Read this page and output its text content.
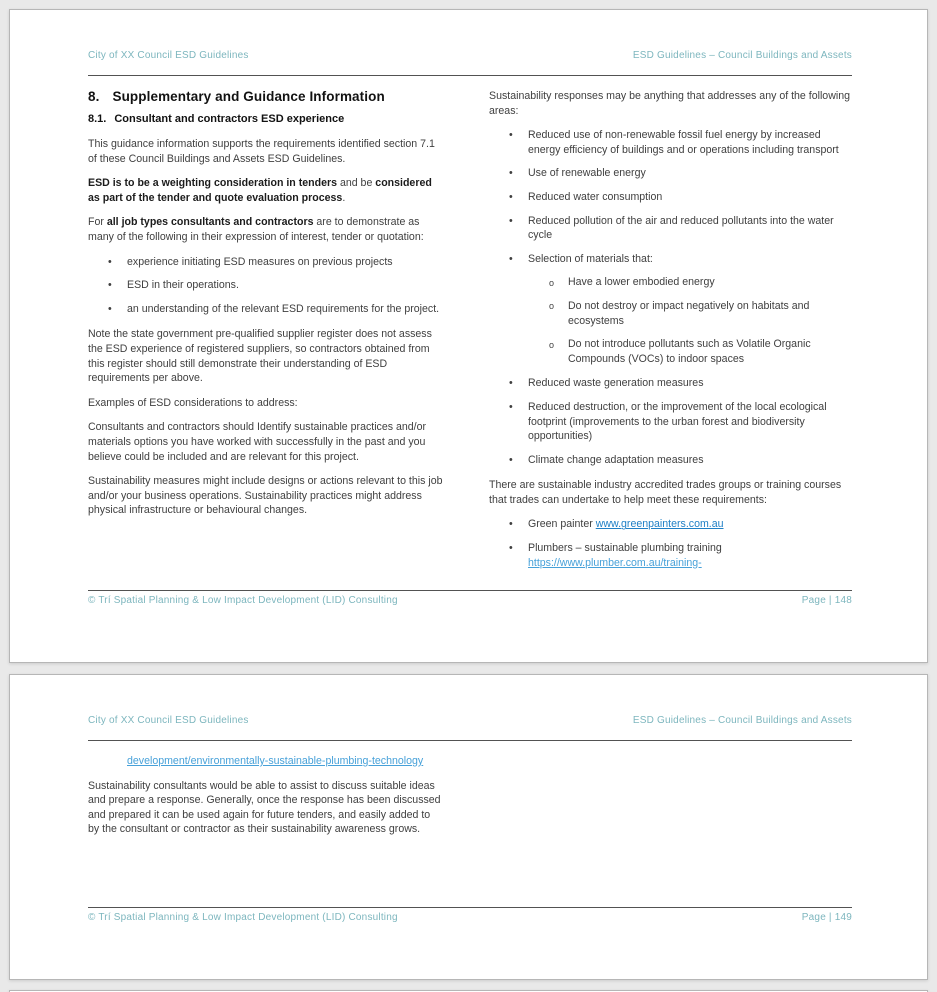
City of XX Council ESD Guidelines	ESD Guidelines – Council Buildings and Assets
8. Supplementary and Guidance Information
8.1. Consultant and contractors ESD experience

This guidance information supports the requirements identified section 7.1 of these Council Buildings and Assets ESD Guidelines.

ESD is to be a weighting consideration in tenders and be considered as part of the tender and quote evaluation process.

For all job types consultants and contractors are to demonstrate as many of the following in their expression of interest, tender or quotation:

• experience initiating ESD measures on previous projects
• ESD in their operations.
• an understanding of the relevant ESD requirements for the project.

Note the state government pre-qualified supplier register does not assess the ESD experience of registered suppliers, so contractors obtained from this register should still demonstrate their understanding of ESD requirements per above.

Examples of ESD considerations to address:

Consultants and contractors should Identify sustainable practices and/or materials options you have worked with successfully in the past and you believe could be included and are relevant for this project.

Sustainability measures might include designs or actions relevant to this job and/or your business operations. Sustainability practices might address physical infrastructure or behavioural changes.

Sustainability responses may be anything that addresses any of the following areas:

• Reduced use of non-renewable fossil fuel energy by increased energy efficiency of buildings and or operations including transport
• Use of renewable energy
• Reduced water consumption
• Reduced pollution of the air and reduced pollutants into the water cycle
• Selection of materials that:
o Have a lower embodied energy
o Do not destroy or impact negatively on habitats and ecosystems
o Do not introduce pollutants such as Volatile Organic Compounds (VOCs) to indoor spaces
• Reduced waste generation measures
• Reduced destruction, or the improvement of the local ecological footprint (improvements to the urban forest and biodiversity opportunities)
• Climate change adaptation measures

There are sustainable industry accredited trades groups or training courses that trades can undertake to help meet these requirements:

• Green painter www.greenpainters.com.au
• Plumbers – sustainable plumbing training https://www.plumber.com.au/training-
© Trí Spatial Planning & Low Impact Development (LID) Consulting	Page | 148
City of XX Council ESD Guidelines	ESD Guidelines – Council Buildings and Assets
development/environmentally-sustainable-plumbing-technology

Sustainability consultants would be able to assist to discuss suitable ideas and prepare a response. Generally, once the response has been discussed and prepared it can be used again for future tenders, and easily added to by the consultant or contractor as their sustainability awareness grows.

© Trí Spatial Planning & Low Impact Development (LID) Consulting	Page | 149
